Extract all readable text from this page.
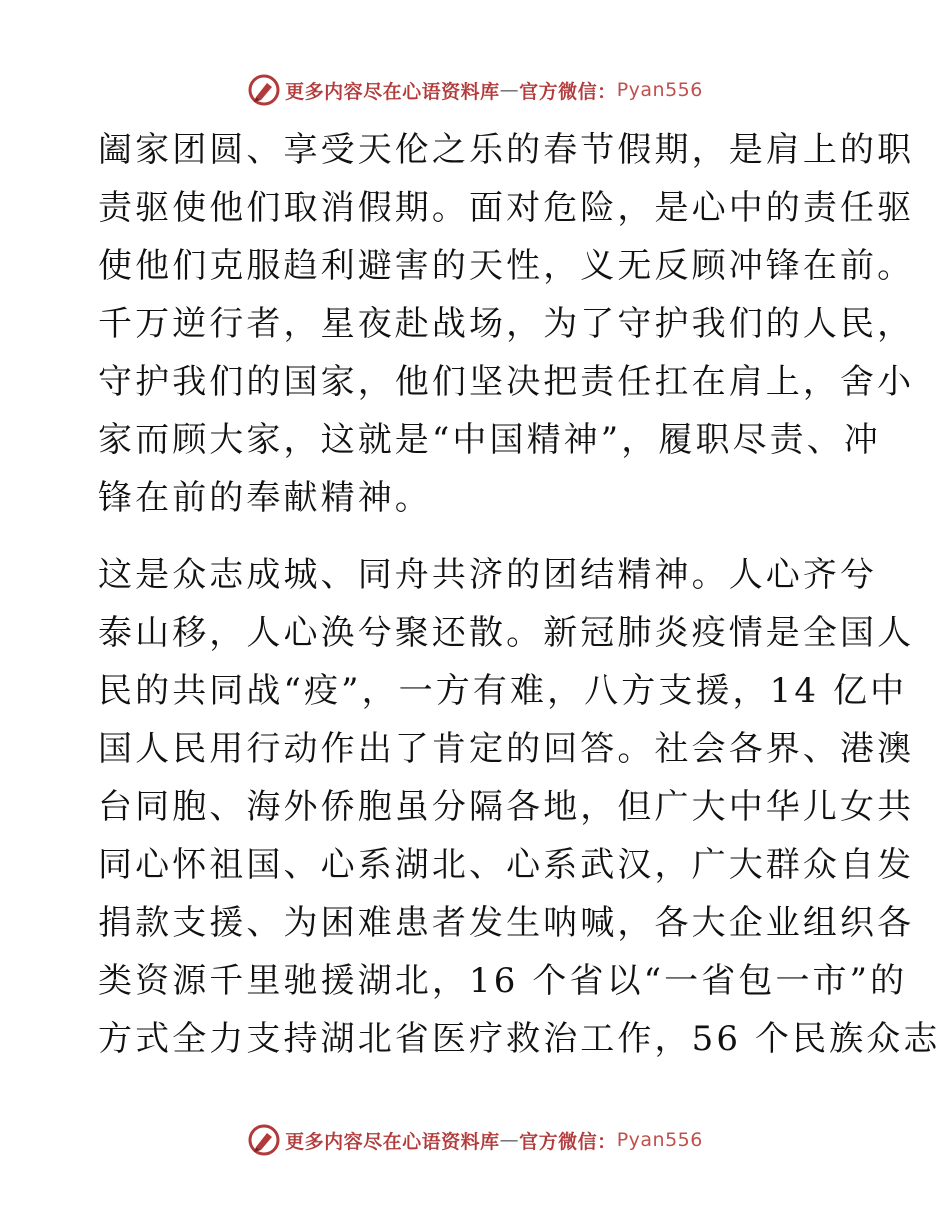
更多内容尽在心语资料库 — 官方微信： Pyan556

阖家团圆、享受天伦之乐的春节假期，是肩上的职

责驱使他们取消假期。面对危险，是心中的责任驱

使他们克服趋利避害的天性，义无反顾冲锋在前。

千万逆行者，星夜赴战场，为了守护我们的人民，

守护我们的国家，他们坚决把责任扛在肩上，舍小

家而顾大家，这就是“中国精神”，履职尽责、冲

锋在前的奉献精神。

这是众志成城、同舟共济的团结精神。人心齐兮

泰山移，人心涣兮聚还散。新冠肺炎疫情是全国人

民的共同战“疫”，一方有难，八方支援，14 亿中

国人民用行动作出了肯定的回答。社会各界、港澳

台同胞、海外侨胞虽分隔各地，但广大中华儿女共

同心怀祖国、心系湖北、心系武汉，广大群众自发

捐款支援、为困难患者发生呐喊，各大企业组织各

类资源千里驰援湖北，16 个省以“一省包一市”的

方式全力支持湖北省医疗救治工作，56 个民族众志

更多内容尽在心语资料库 — 官方微信： Pyan556
